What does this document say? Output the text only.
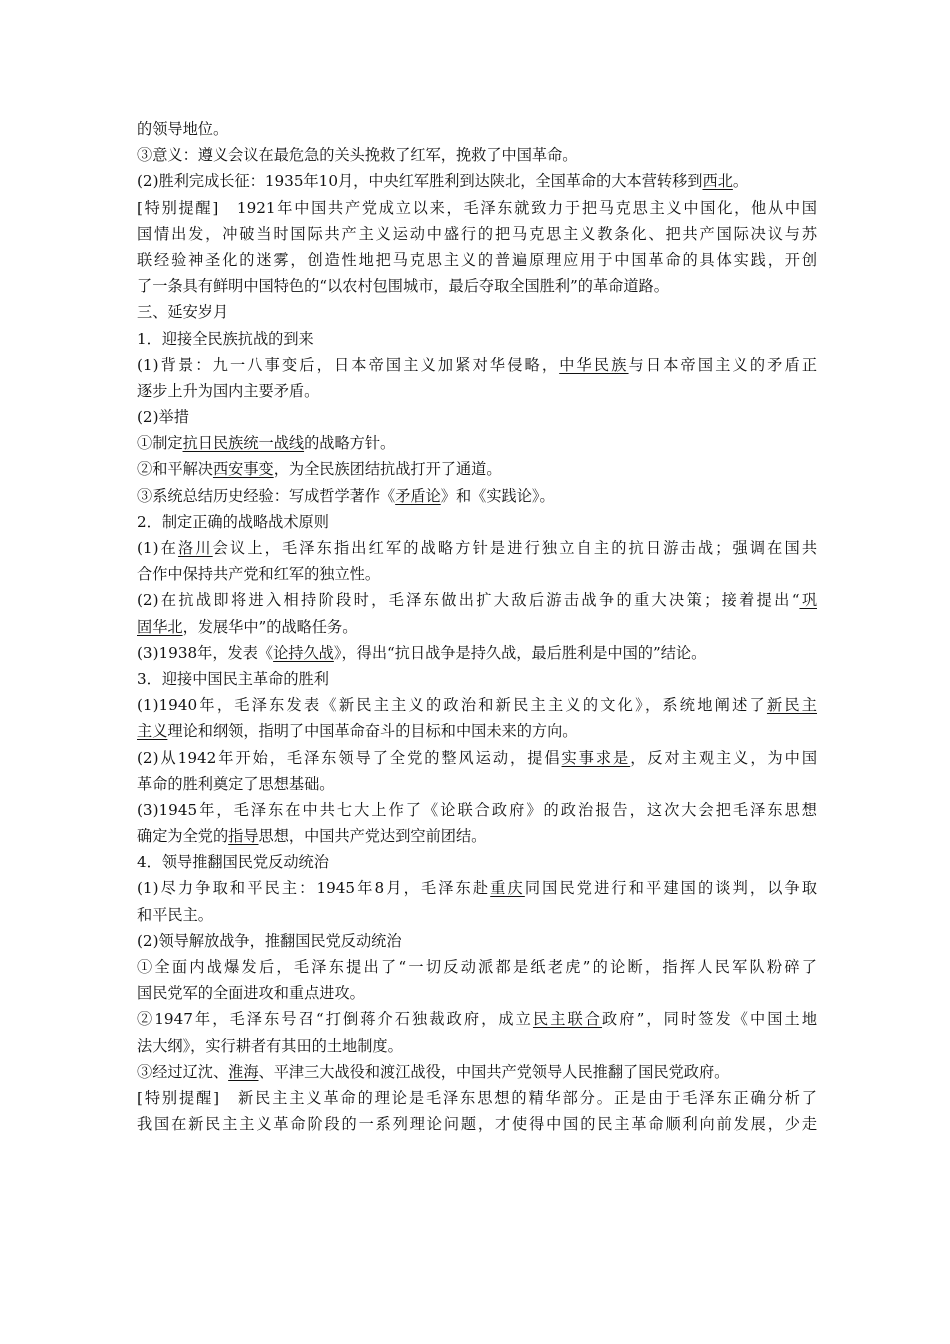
的领导地位。
③意义：遵义会议在最危急的关头挽救了红军，挽救了中国革命。
(2)胜利完成长征：1935年10月，中央红军胜利到达陕北，全国革命的大本营转移到西北。
[特别提醒]　1921年中国共产党成立以来，毛泽东就致力于把马克思主义中国化，他从中国
国情出发，冲破当时国际共产主义运动中盛行的把马克思主义教条化、把共产国际决议与苏
联经验神圣化的迷雾，创造性地把马克思主义的普遍原理应用于中国革命的具体实践，开创
了一条具有鲜明中国特色的“以农村包围城市，最后夺取全国胜利”的革命道路。
三、延安岁月
1．迎接全民族抗战的到来
(1)背景：九一八事变后，日本帝国主义加紧对华侵略，中华民族与日本帝国主义的矛盾正
逐步上升为国内主要矛盾。
(2)举措
①制定抗日民族统一战线的战略方针。
②和平解决西安事变，为全民族团结抗战打开了通道。
③系统总结历史经验：写成哲学著作《矛盾论》和《实践论》。
2．制定正确的战略战术原则
(1)在洛川会议上，毛泽东指出红军的战略方针是进行独立自主的抗日游击战；强调在国共
合作中保持共产党和红军的独立性。
(2)在抗战即将进入相持阶段时，毛泽东做出扩大敌后游击战争的重大决策；接着提出“巩
固华北，发展华中”的战略任务。
(3)1938年，发表《论持久战》，得出“抗日战争是持久战，最后胜利是中国的”结论。
3．迎接中国民主革命的胜利
(1)1940年，毛泽东发表《新民主主义的政治和新民主主义的文化》，系统地阐述了新民主
主义理论和纲领，指明了中国革命奋斗的目标和中国未来的方向。
(2)从1942年开始，毛泽东领导了全党的整风运动，提倡实事求是，反对主观主义，为中国
革命的胜利奠定了思想基础。
(3)1945年，毛泽东在中共七大上作了《论联合政府》的政治报告，这次大会把毛泽东思想
确定为全党的指导思想，中国共产党达到空前团结。
4．领导推翻国民党反动统治
(1)尽力争取和平民主：1945年8月，毛泽东赴重庆同国民党进行和平建国的谈判，以争取
和平民主。
(2)领导解放战争，推翻国民党反动统治
①全面内战爆发后，毛泽东提出了“一切反动派都是纸老虎”的论断，指挥人民军队粉碎了
国民党军的全面进攻和重点进攻。
②1947年，毛泽东号召“打倒蒋介石独裁政府，成立民主联合政府”，同时签发《中国土地
法大纲》，实行耕者有其田的土地制度。
③经过辽沈、淮海、平津三大战役和渡江战役，中国共产党领导人民推翻了国民党政府。
[特别提醒]　新民主主义革命的理论是毛泽东思想的精华部分。正是由于毛泽东正确分析了
我国在新民主主义革命阶段的一系列理论问题，才使得中国的民主革命顺利向前发展，少走
